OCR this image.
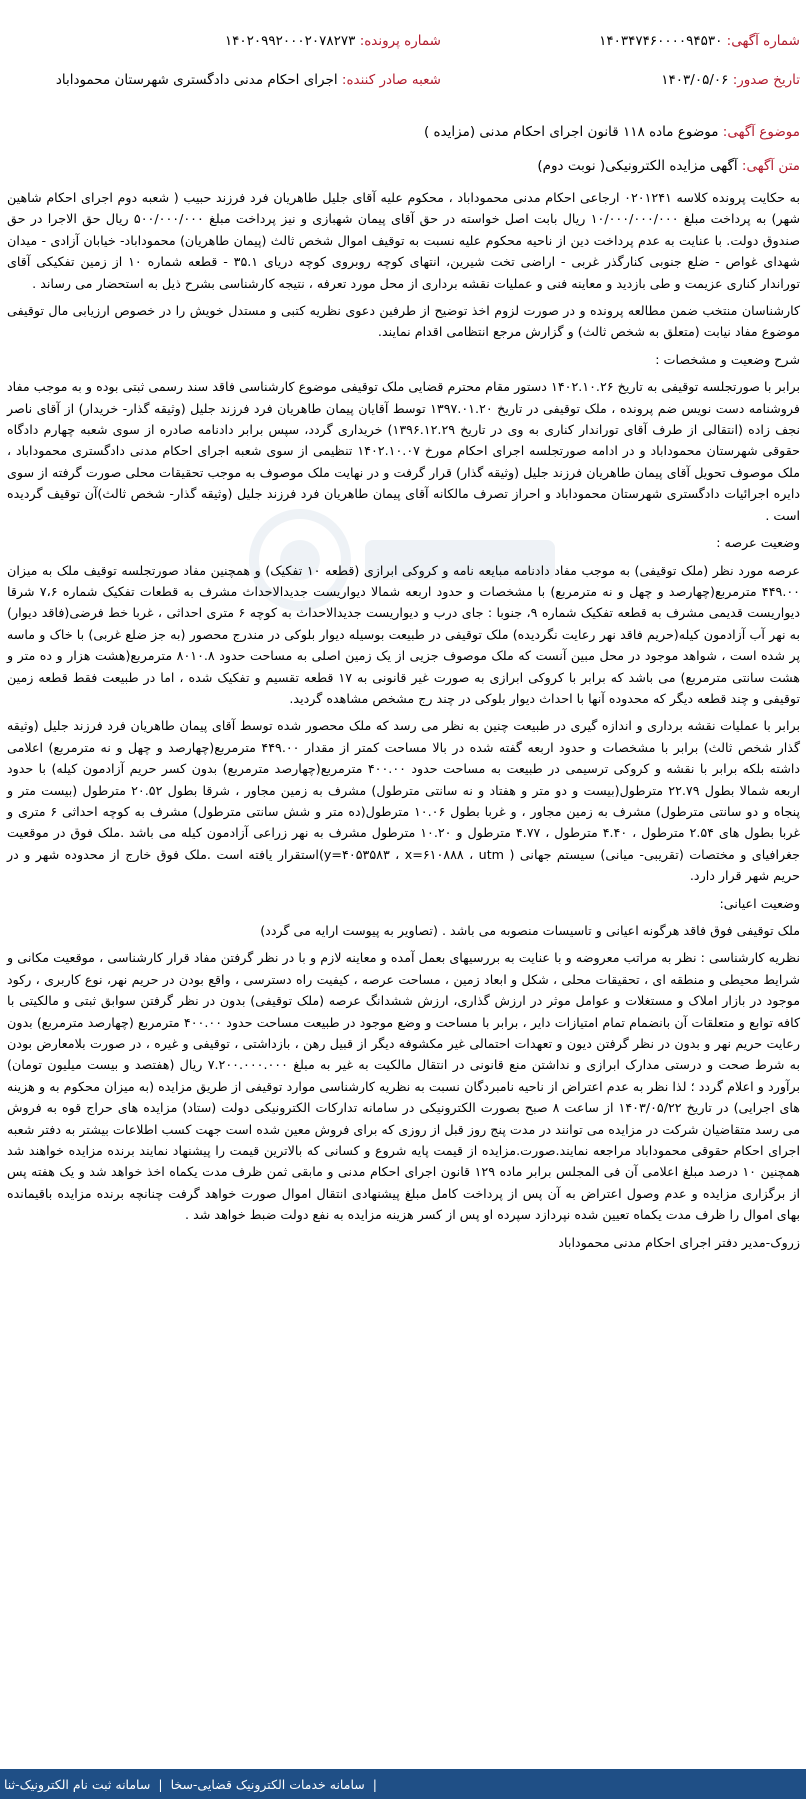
شماره آگهی: ۱۴۰۳۴۷۴۶۰۰۰۰۹۴۵۳۰
شماره پرونده: ۱۴۰۲۰۹۹۲۰۰۰۲۰۷۸۲۷۳
تاریخ صدور: ۱۴۰۳/۰۵/۰۶
شعبه صادر کننده: اجرای احکام مدنی دادگستری شهرستان محموداباد
موضوع آگهی: موضوع ماده ۱۱۸ قانون اجرای احکام مدنی (مزایده )
متن آگهی: آگهی مزایده الکترونیکی( نوبت دوم)

به حکایت پرونده کلاسه ۰۲۰۱۲۴۱ ارجاعی احکام مدنی محموداباد ، محکوم علیه آقای جلیل طاهریان فرد فرزند حبیب ( شعبه دوم اجرای احکام شاهین شهر) به پرداخت مبلغ ۱۰/۰۰۰/۰۰۰/۰۰۰ ریال بابت اصل خواسته در حق آقای پیمان شهبازی و نیز پرداخت مبلغ ۵۰۰/۰۰۰/۰۰۰ ریال حق الاجرا در حق صندوق دولت. با عنایت به عدم پرداخت دین از ناحیه محکوم علیه نسبت به توقیف اموال شخص ثالث (پیمان طاهریان) محموداباد- خیابان آزادی - میدان شهدای غواص - ضلع جنوبی کنارگذر غربی - اراضی تخت شیرین، انتهای کوچه روبروی کوچه دریای ۳۵.۱ - قطعه شماره ۱۰ از زمین تفکیکی آقای توراندار کناری عزیمت و طی بازدید و معاینه فنی و عملیات نقشه برداری از محل مورد تعرفه ، نتیجه کارشناسی بشرح ذیل به استحضار می رساند .

کارشناسان منتخب ضمن مطالعه پرونده و در صورت لزوم اخذ توضیح از طرفین دعوی نظریه کتبی و مستدل خویش را در خصوص ارزیابی مال توقیفی موضوع مفاد نیابت (متعلق به شخص ثالث) و گزارش مرجع انتظامی اقدام نمایند.

شرح وضعیت و مشخصات :

برابر با صورتجلسه توقیفی به تاریخ ۱۴۰۲.۱۰.۲۶ دستور مقام محترم قضایی ملک توقیفی موضوع کارشناسی فاقد سند رسمی ثبتی بوده و به موجب مفاد فروشنامه دست نویس ضم پرونده ، ملک توقیفی در تاریخ ۱۳۹۷.۰۱.۲۰ توسط آقایان پیمان طاهریان فرد فرزند جلیل (وثیقه گذار- خریدار) از آقای ناصر نجف زاده (انتقالی از طرف آقای توراندار کناری به وی در تاریخ ۱۳۹۶.۱۲.۲۹) خریداری گردد، سپس برابر دادنامه صادره از سوی شعبه چهارم دادگاه حقوقی شهرستان محموداباد و در ادامه صورتجلسه اجرای احکام مورخ ۱۴۰۲.۱۰.۰۷ تنظیمی از سوی شعبه اجرای احکام مدنی دادگستری محموداباد ، ملک موصوف تحویل آقای پیمان طاهریان فرزند جلیل (وثیقه گذار) قرار گرفت و در نهایت ملک موصوف به موجب تحقیقات محلی صورت گرفته از سوی دایره اجرائیات دادگستری شهرستان محموداباد و احراز تصرف مالکانه آقای پیمان طاهریان فرد فرزند جلیل (وثیقه گذار- شخص ثالث)آن توقیف گردیده است .

وضعیت عرصه :

عرصه مورد نظر (ملک توقیفی) به موجب مفاد دادنامه مبایعه نامه و کروکی ابرازی (قطعه ۱۰ تفکیک) و همچنین مفاد صورتجلسه توقیف ملک به میزان ۴۴۹.۰۰ مترمربع(چهارصد و چهل و نه مترمربع) با مشخصات و حدود اربعه شمالا دیواریست جدیدالاحداث مشرف به قطعات تفکیک شماره ۷،۶ شرقا دیواریست قدیمی مشرف به قطعه تفکیک شماره ۹، جنوبا : جای درب و دیواریست جدیدالاحداث به کوچه ۶ متری احداثی ، غربا خط فرضی(فاقد دیوار) به نهر آب آزادمون کیله(حریم فاقد نهر رعایت نگردیده) ملک توقیفی در طبیعت بوسیله دیوار بلوکی در مندرج محصور (به جز ضلع غربی) با خاک و ماسه پر شده است ، شواهد موجود در محل مبین آنست که ملک موصوف جزیی از یک زمین اصلی به مساحت حدود ۸۰۱۰.۸ مترمربع(هشت هزار و ده متر و هشت سانتی مترمربع) می باشد که برابر با کروکی ابرازی به صورت غیر قانونی به ۱۷ قطعه تقسیم و تفکیک شده ، اما در طبیعت فقط قطعه زمین توقیفی و چند قطعه دیگر که محدوده آنها با احداث دیوار بلوکی در چند رج مشخص مشاهده گردید.

برابر با عملیات نقشه برداری و اندازه گیری در طبیعت چنین به نظر می رسد که ملک محصور شده توسط آقای پیمان طاهریان فرد فرزند جلیل (وثیقه گذار شخص ثالث) برابر با مشخصات و حدود اربعه گفته شده در بالا مساحت کمتر از مقدار ۴۴۹.۰۰ مترمربع(چهارصد و چهل و نه مترمربع) اعلامی داشته بلکه برابر با نقشه و کروکی ترسیمی در طبیعت به مساحت حدود ۴۰۰.۰۰ مترمربع(چهارصد مترمربع) بدون کسر حریم آزادمون کیله) با حدود اربعه شمالا بطول ۲۲.۷۹ مترطول(بیست و دو متر و هفتاد و نه سانتی مترطول) مشرف به زمین مجاور ، شرقا بطول ۲۰.۵۲ مترطول (بیست متر و پنجاه و دو سانتی مترطول) مشرف به زمین مجاور ، و غربا بطول ۱۰.۰۶ مترطول(ده متر و شش سانتی مترطول) مشرف به کوچه احداثی ۶ متری و غربا بطول های ۲.۵۴ مترطول ، ۴.۴۰ مترطول ، ۴.۷۷ مترطول و ۱۰.۲۰ مترطول مشرف به نهر زراعی آزادمون کیله می باشد .ملک فوق در موقعیت جغرافیای و مختصات (تقریبی- میانی) سیستم جهانی ( y=۴۰۵۳۵۸۳ ، x=۶۱۰۸۸۸ ، utm)استقرار یافته است .ملک فوق خارج از محدوده شهر و در حریم شهر قرار دارد.

وضعیت اعیانی:

ملک توقیفی فوق فاقد هرگونه اعیانی و تاسیسات منصوبه می باشد . (تصاویر به پیوست ارایه می گردد)

نظریه کارشناسی : نظر به مراتب معروضه و با عنایت به بررسیهای بعمل آمده و معاینه لازم و با در نظر گرفتن مفاد قرار کارشناسی ، موقعیت مکانی و شرایط محیطی و منطقه ای ، تحقیقات محلی ، شکل و ابعاد زمین ، مساحت عرصه ، کیفیت راه دسترسی ، واقع بودن در حریم نهر، نوع کاربری ، رکود موجود در بازار املاک و مستغلات و عوامل موثر در ارزش گذاری، ارزش ششدانگ عرصه (ملک توقیفی) بدون در نظر گرفتن سوابق ثبتی و مالکیتی با کافه توابع و متعلقات آن بانضمام تمام امتیازات دایر ، برابر با مساحت و وضع موجود در طبیعت مساحت حدود ۴۰۰.۰۰ مترمربع (چهارصد مترمربع) بدون رعایت حریم نهر و بدون در نظر گرفتن دیون و تعهدات احتمالی غیر مکشوفه دیگر از قبیل رهن ، بازداشتی ، توقیفی و غیره ، در صورت بلامعارض بودن به شرط صحت و درستی مدارک ابرازی و نداشتن منع قانونی در انتقال مالکیت به غیر به مبلغ ۷.۲۰۰.۰۰۰.۰۰۰ ریال (هفتصد و بیست میلیون تومان) برآورد و اعلام گردد ؛ لذا نظر به عدم اعتراض از ناحیه نامبردگان نسبت به نظریه کارشناسی موارد توقیفی از طریق مزایده (به میزان محکوم به و هزینه های اجرایی) در تاریخ ۱۴۰۳/۰۵/۲۲ از ساعت ۸ صبح بصورت الکترونیکی در سامانه تدارکات الکترونیکی دولت (ستاد) مزایده های حراج قوه به فروش می رسد متقاضیان شرکت در مزایده می توانند در مدت پنج روز قبل از روزی که برای فروش معین شده است جهت کسب اطلاعات بیشتر به دفتر شعبه اجرای احکام حقوقی محموداباد مراجعه نمایند.صورت.مزایده از قیمت پایه شروع و کسانی که بالاترین قیمت را پیشنهاد نمایند برنده مزایده خواهند شد همچنین ۱۰ درصد مبلغ اعلامی آن فی المجلس برابر ماده ۱۲۹ قانون اجرای احکام مدنی و مابقی ثمن ظرف مدت یکماه اخذ خواهد شد و یک هفته پس از برگزاری مزایده و عدم وصول اعتراض به آن پس از پرداخت کامل مبلغ پیشنهادی انتقال اموال صورت خواهد گرفت چنانچه برنده مزایده باقیمانده بهای اموال را ظرف مدت یکماه تعیین شده نپردازد سپرده او پس از کسر هزینه مزایده به نفع دولت ضبط خواهد شد .

زروک-مدیر دفتر اجرای احکام مدنی محموداباد

|
سامانه خدمات الکترونیک قضایی-سخا
|
سامانه ثبت نام الکترونیک-ثنا
